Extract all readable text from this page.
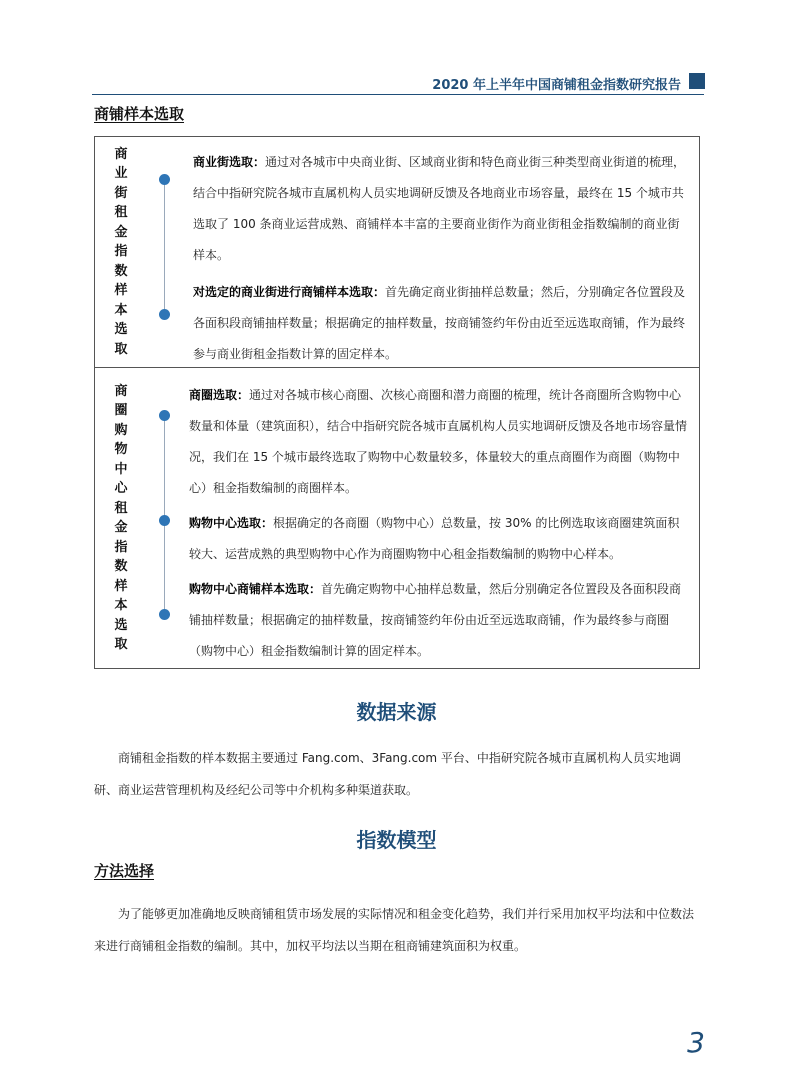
2020 年上半年中国商铺租金指数研究报告
商铺样本选取
商
业
街
租
金
指
数
样
本
选
取
商业街选取：通过对各城市中央商业街、区域商业街和特色商业街三种类型商业街道的梳理，结合中指研究院各城市直属机构人员实地调研反馈及各地商业市场容量，最终在 15 个城市共选取了 100 条商业运营成熟、商铺样本丰富的主要商业街作为商业街租金指数编制的商业街样本。
对选定的商业街进行商铺样本选取：首先确定商业街抽样总数量；然后，分别确定各位置段及各面积段商铺抽样数量；根据确定的抽样数量，按商铺签约年份由近至远选取商铺，作为最终参与商业街租金指数计算的固定样本。
商
圈
购
物
中
心
租
金
指
数
样
本
选
取
商圈选取：通过对各城市核心商圈、次核心商圈和潜力商圈的梳理，统计各商圈所含购物中心数量和体量（建筑面积），结合中指研究院各城市直属机构人员实地调研反馈及各地市场容量情况，我们在 15 个城市最终选取了购物中心数量较多，体量较大的重点商圈作为商圈（购物中心）租金指数编制的商圈样本。
购物中心选取：根据确定的各商圈（购物中心）总数量，按 30% 的比例选取该商圈建筑面积较大、运营成熟的典型购物中心作为商圈购物中心租金指数编制的购物中心样本。
购物中心商铺样本选取：首先确定购物中心抽样总数量，然后分别确定各位置段及各面积段商铺抽样数量；根据确定的抽样数量，按商铺签约年份由近至远选取商铺，作为最终参与商圈（购物中心）租金指数编制计算的固定样本。
数据来源
商铺租金指数的样本数据主要通过 Fang.com、3Fang.com 平台、中指研究院各城市直属机构人员实地调研、商业运营管理机构及经纪公司等中介机构多种渠道获取。
指数模型
方法选择
为了能够更加准确地反映商铺租赁市场发展的实际情况和租金变化趋势，我们并行采用加权平均法和中位数法来进行商铺租金指数的编制。其中，加权平均法以当期在租商铺建筑面积为权重。
3
